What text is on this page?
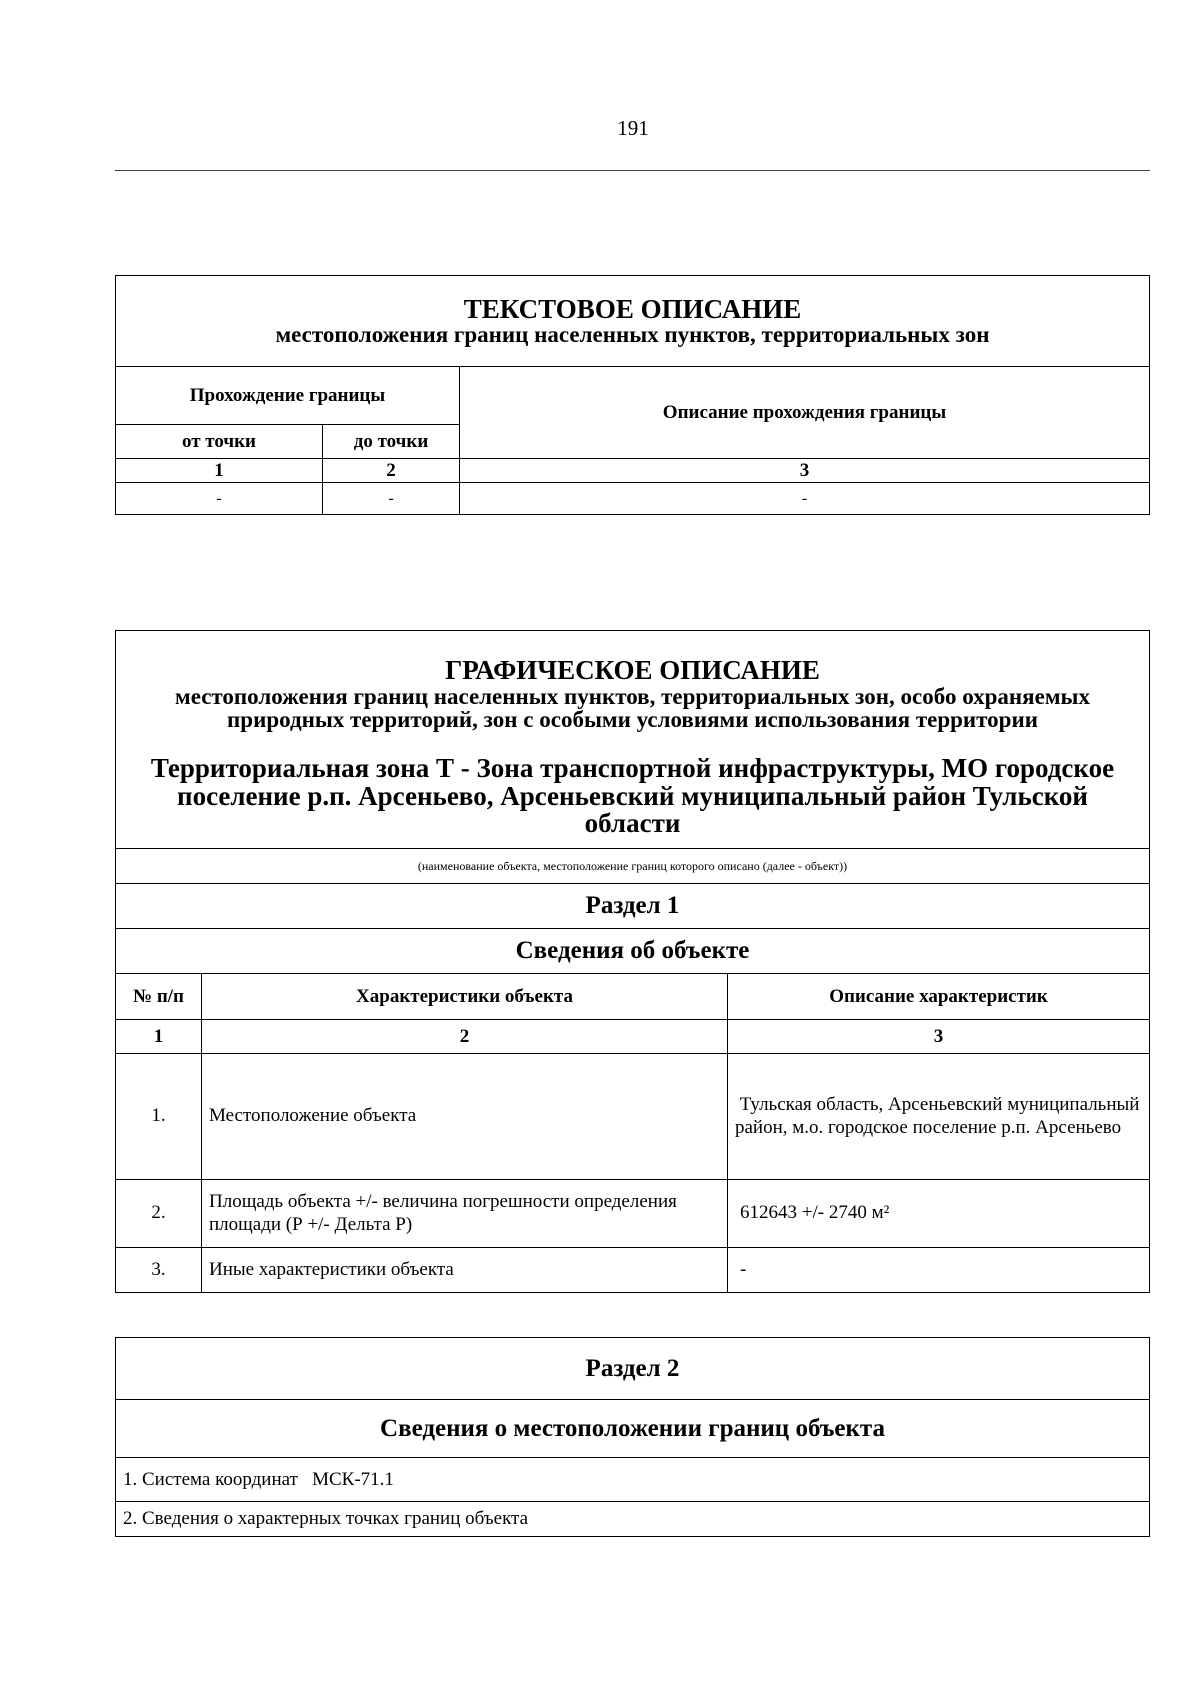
191
ТЕКСТОВОЕ ОПИСАНИЕ
местоположения границ населенных пунктов, территориальных зон		

Прохождение границы		Описание прохождения границы
от точки	до точки	
1	2	3
-	-	-
ГРАФИЧЕСКОЕ ОПИСАНИЕ
местоположения границ населенных пунктов, территориальных зон, особо охраняемых природных территорий, зон с особыми условиями использования территории
Территориальная зона Т - Зона транспортной инфраструктуры, МО городское поселение р.п. Арсеньево, Арсеньевский муниципальный район Тульской области		

(наименование объекта, местоположение границ которого описано (далее - объект))		
Раздел 1		
Сведения об объекте		
№ п/п	Характеристики объекта	Описание характеристик
1	2	3
1.	Местоположение объекта	Тульская область, Арсеньевский муниципальный район, м.о. городское поселение р.п. Арсеньево
2.	Площадь объекта +/- величина погрешности определения площади (Р +/- Дельта Р)	612643 +/- 2740 м²
3.	Иные характеристики объекта	-
Раздел 2
Сведения о местоположении границ объекта
1. Система координат   МСК-71.1
2. Сведения о характерных точках границ объекта
